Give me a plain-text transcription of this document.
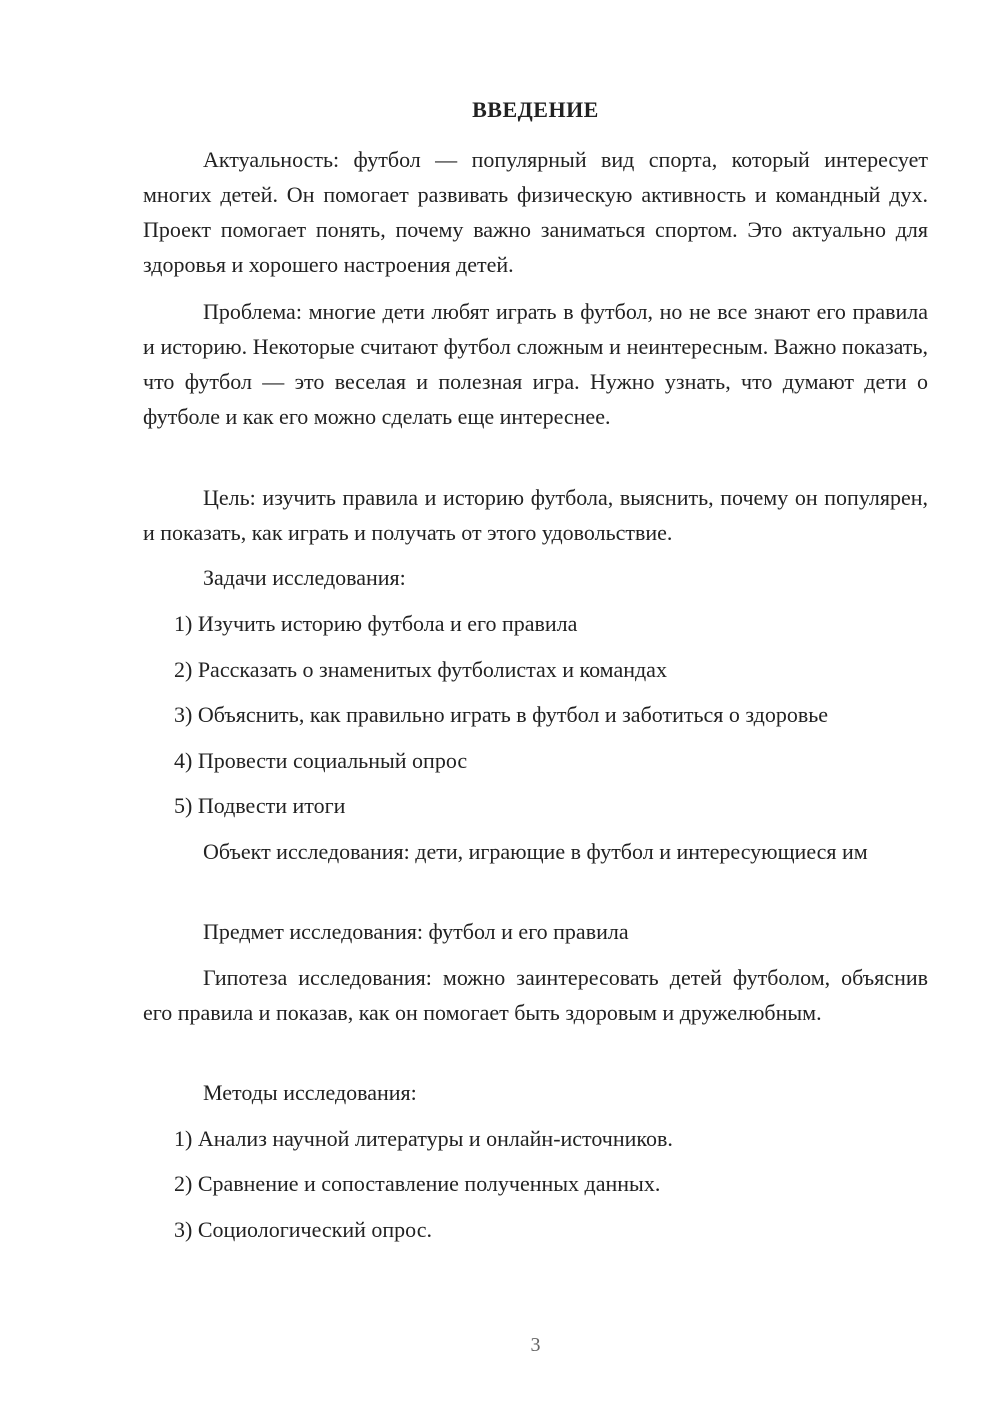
ВВЕДЕНИЕ

Актуальность: футбол — популярный вид спорта, который интересует многих детей. Он помогает развивать физическую активность и командный дух. Проект помогает понять, почему важно заниматься спортом. Это актуально для здоровья и хорошего настроения детей.

Проблема: многие дети любят играть в футбол, но не все знают его правила и историю. Некоторые считают футбол сложным и неинтересным. Важно показать, что футбол — это веселая и полезная игра. Нужно узнать, что думают дети о футболе и как его можно сделать еще интереснее.

Цель: изучить правила и историю футбола, выяснить, почему он популярен, и показать, как играть и получать от этого удовольствие.

Задачи исследования:

1) Изучить историю футбола и его правила

2) Рассказать о знаменитых футболистах и командах

3) Объяснить, как правильно играть в футбол и заботиться о здоровье

4) Провести социальный опрос

5) Подвести итоги

Объект исследования: дети, играющие в футбол и интересующиеся им

Предмет исследования: футбол и его правила

Гипотеза исследования: можно заинтересовать детей футболом, объяснив его правила и показав, как он помогает быть здоровым и дружелюбным.

Методы исследования:

1) Анализ научной литературы и онлайн-источников.

2) Сравнение и сопоставление полученных данных.

3) Социологический опрос.

3
